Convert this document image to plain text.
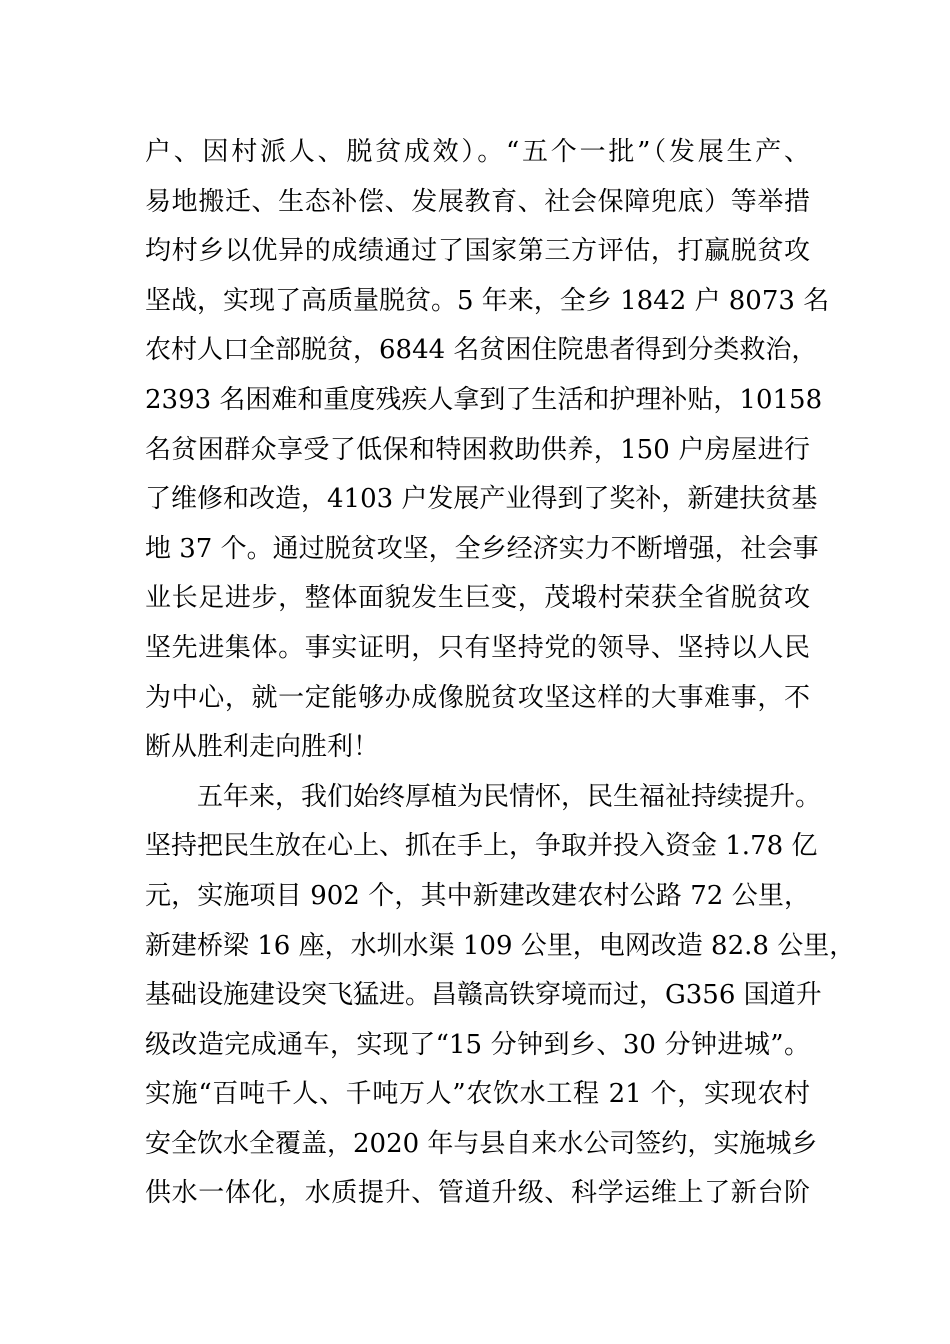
户、因村派人、脱贫成效）。“五个一批”（发展生产、
易地搬迁、生态补偿、发展教育、社会保障兜底）等举措
均村乡以优异的成绩通过了国家第三方评估，打赢脱贫攻
坚战，实现了高质量脱贫。5 年来，全乡 1842 户 8073 名
农村人口全部脱贫，6844 名贫困住院患者得到分类救治，
2393 名困难和重度残疾人拿到了生活和护理补贴，10158
名贫困群众享受了低保和特困救助供养，150 户房屋进行
了维修和改造，4103 户发展产业得到了奖补，新建扶贫基
地 37 个。通过脱贫攻坚，全乡经济实力不断增强，社会事
业长足进步，整体面貌发生巨变，茂塅村荣获全省脱贫攻
坚先进集体。事实证明，只有坚持党的领导、坚持以人民
为中心，就一定能够办成像脱贫攻坚这样的大事难事，不
断从胜利走向胜利！
五年来，我们始终厚植为民情怀，民生福祉持续提升。
坚持把民生放在心上、抓在手上，争取并投入资金 1.78 亿
元，实施项目 902 个，其中新建改建农村公路 72 公里，
新建桥梁 16 座，水圳水渠 109 公里，电网改造 82.8 公里，
基础设施建设突飞猛进。昌赣高铁穿境而过，G356 国道升
级改造完成通车，实现了“15 分钟到乡、30 分钟进城”。
实施“百吨千人、千吨万人”农饮水工程 21 个，实现农村
安全饮水全覆盖，2020 年与县自来水公司签约，实施城乡
供水一体化，水质提升、管道升级、科学运维上了新台阶
